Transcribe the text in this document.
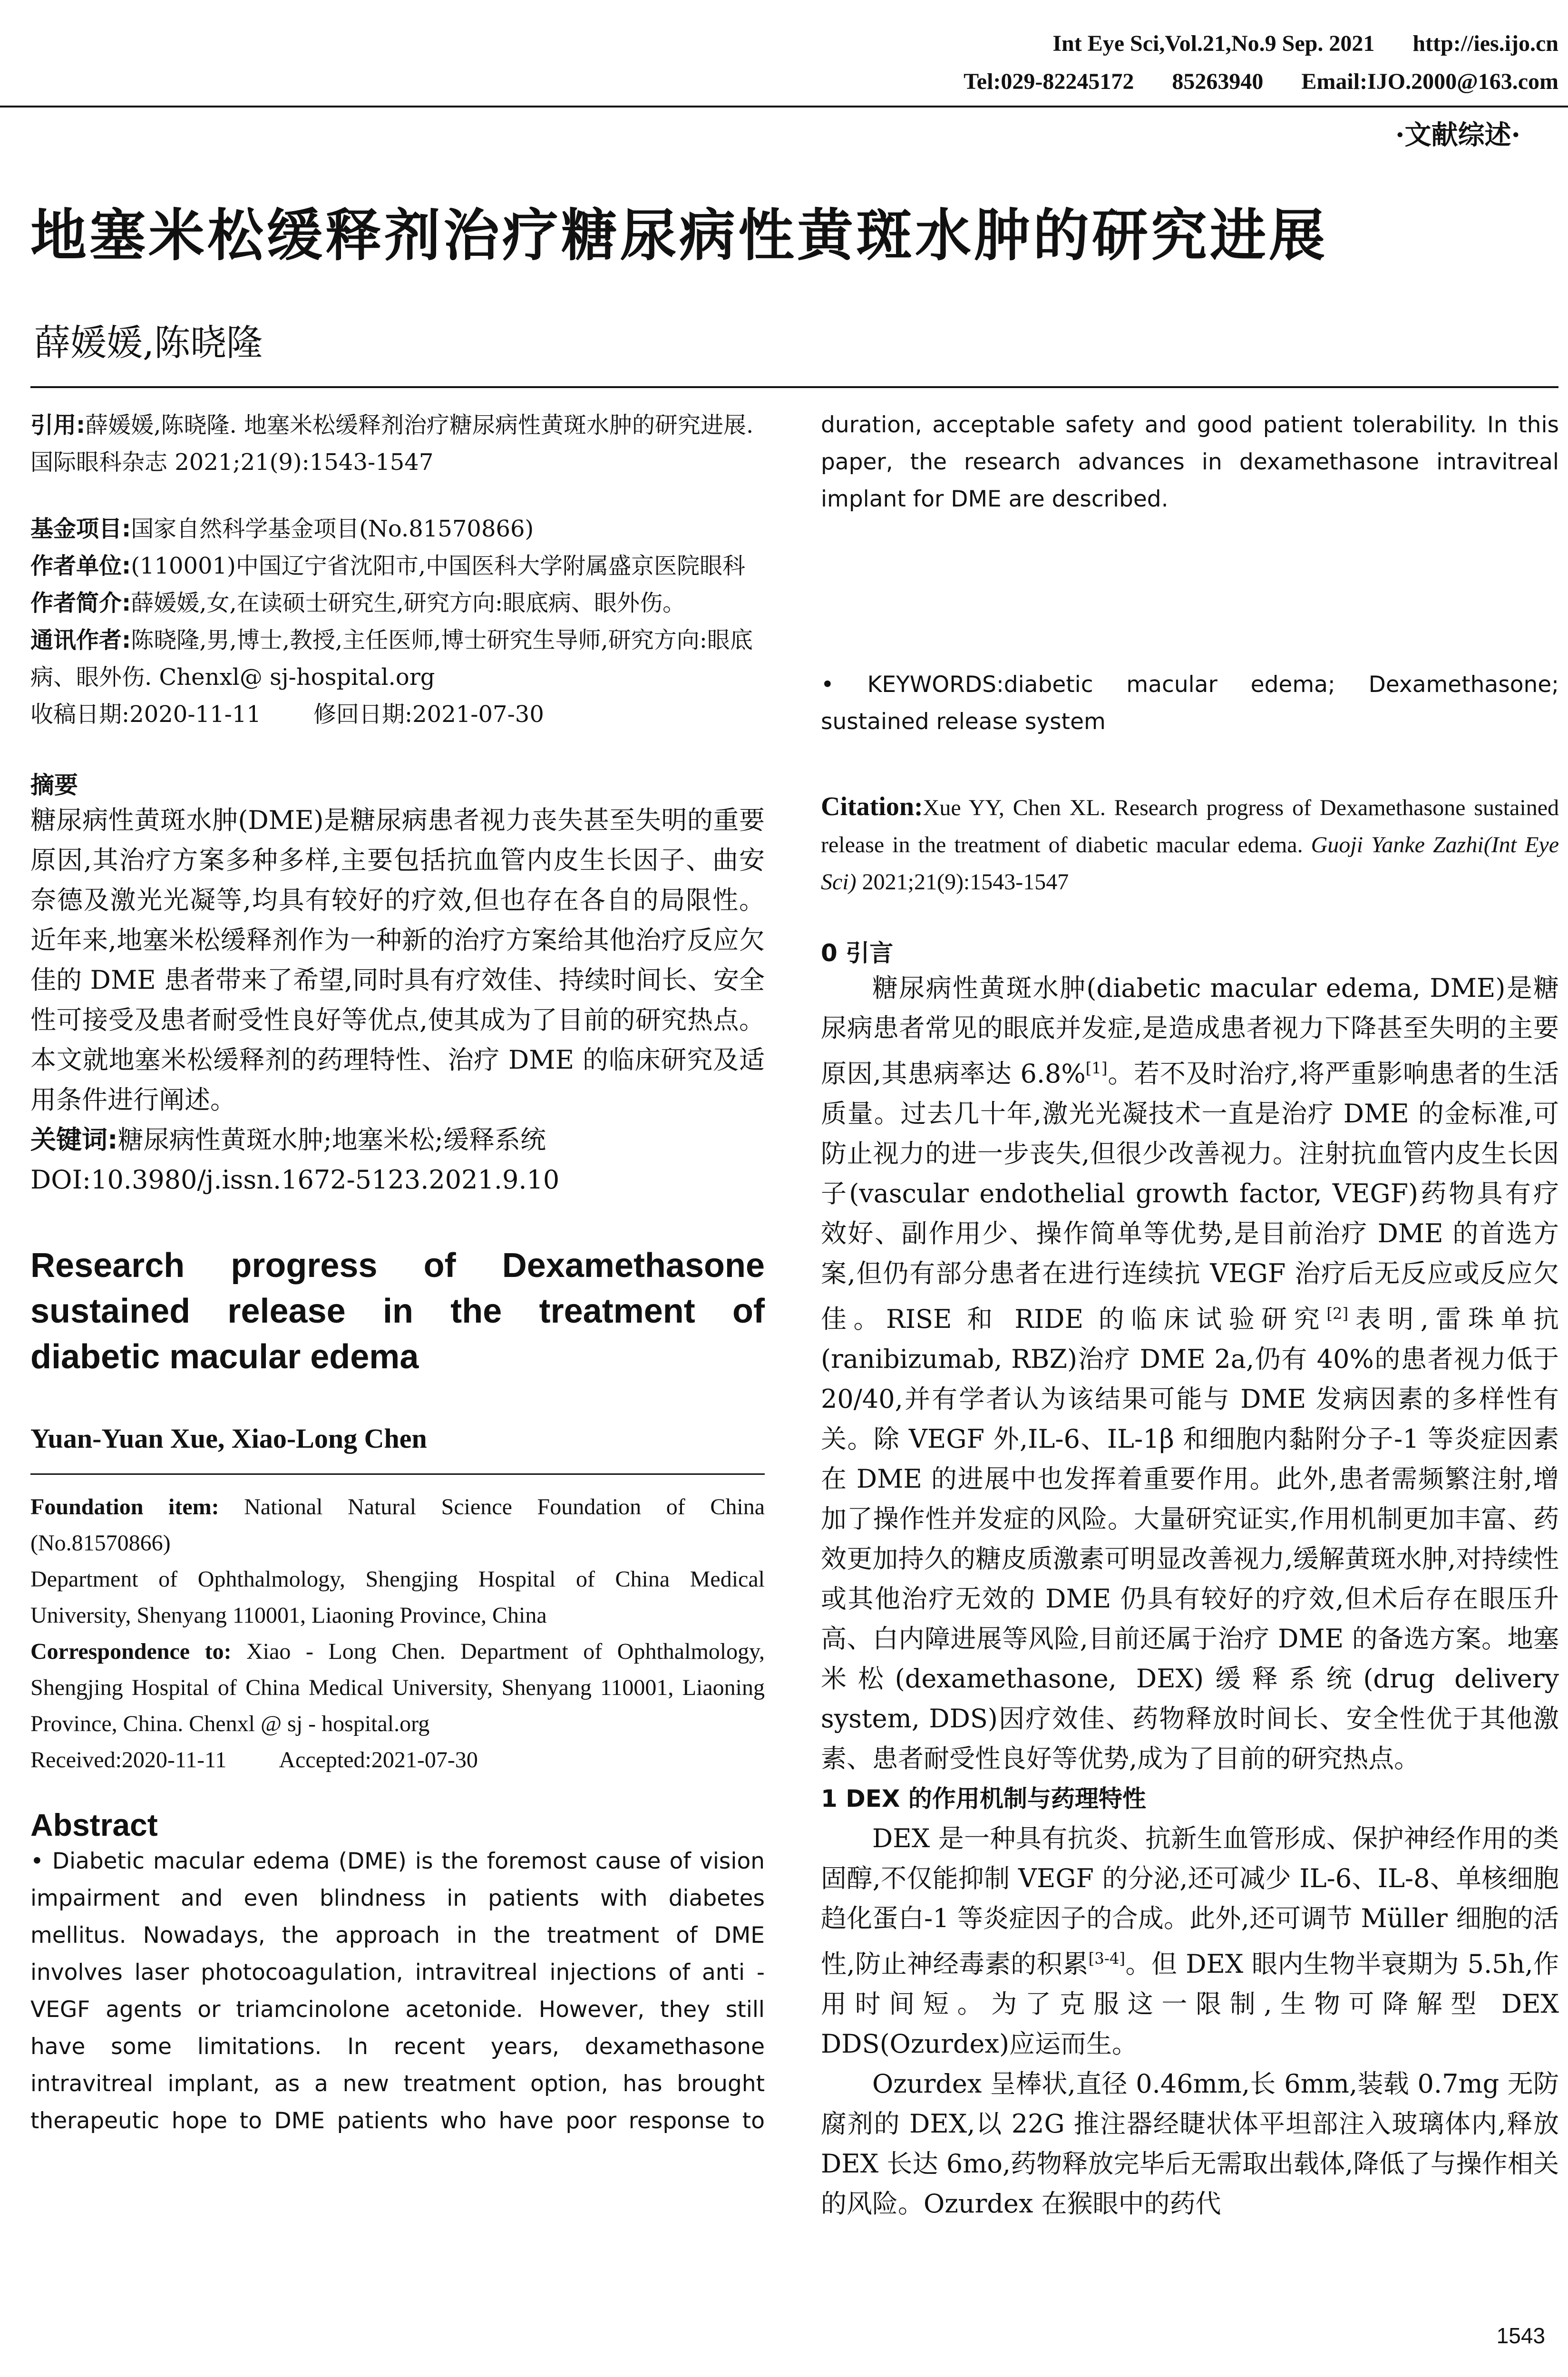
Int Eye Sci,Vol.21,No.9 Sep. 2021 http://ies.ijo.cn
Tel:029-82245172 85263940 Email:IJO.2000@163.com
·文献综述·
地塞米松缓释剂治疗糖尿病性黄斑水肿的研究进展
薛媛媛,陈晓隆

引用:薛媛媛,陈晓隆. 地塞米松缓释剂治疗糖尿病性黄斑水肿的研究进展. 国际眼科杂志 2021;21(9):1543-1547

基金项目:国家自然科学基金项目(No.81570866)

作者单位:(110001)中国辽宁省沈阳市,中国医科大学附属盛京医院眼科

作者简介:薛媛媛,女,在读硕士研究生,研究方向:眼底病、眼外伤。

通讯作者:陈晓隆,男,博士,教授,主任医师,博士研究生导师,研究方向:眼底病、眼外伤. Chenxl@ sj-hospital.org

收稿日期:2020-11-11 修回日期:2021-07-30

摘要

糖尿病性黄斑水肿(DME)是糖尿病患者视力丧失甚至失明的重要原因,其治疗方案多种多样,主要包括抗血管内皮生长因子、曲安奈德及激光光凝等,均具有较好的疗效,但也存在各自的局限性。近年来,地塞米松缓释剂作为一种新的治疗方案给其他治疗反应欠佳的 DME 患者带来了希望,同时具有疗效佳、持续时间长、安全性可接受及患者耐受性良好等优点,使其成为了目前的研究热点。本文就地塞米松缓释剂的药理特性、治疗 DME 的临床研究及适用条件进行阐述。

关键词:糖尿病性黄斑水肿;地塞米松;缓释系统

DOI:10.3980/j.issn.1672-5123.2021.9.10

Research progress of Dexamethasone sustained release in the treatment of diabetic macular edema

Yuan-Yuan Xue, Xiao-Long Chen

Foundation item: National Natural Science Foundation of China (No.81570866)

Department of Ophthalmology, Shengjing Hospital of China Medical University, Shenyang 110001, Liaoning Province, China

Correspondence to: Xiao - Long Chen. Department of Ophthalmology, Shengjing Hospital of China Medical University, Shenyang 110001, Liaoning Province, China. Chenxl @ sj - hospital.org

Received:2020-11-11 Accepted:2021-07-30

Abstract

• Diabetic macular edema (DME) is the foremost cause of vision impairment and even blindness in patients with diabetes mellitus. Nowadays, the approach in the treatment of DME involves laser photocoagulation, intravitreal injections of anti - VEGF agents or triamcinolone acetonide. However, they still have some limitations. In recent years, dexamethasone intravitreal implant, as a new treatment option, has brought therapeutic hope to DME patients who have poor response to

duration, acceptable safety and good patient tolerability. In this paper, the research advances in dexamethasone intravitreal implant for DME are described.

• KEYWORDS:diabetic macular edema; Dexamethasone; sustained release system

Citation:Xue YY, Chen XL. Research progress of Dexamethasone sustained release in the treatment of diabetic macular edema. Guoji Yanke Zazhi(Int Eye Sci) 2021;21(9):1543-1547

0 引言

糖尿病性黄斑水肿(diabetic macular edema, DME)是糖尿病患者常见的眼底并发症,是造成患者视力下降甚至失明的主要原因,其患病率达 6.8%[1]。若不及时治疗,将严重影响患者的生活质量。过去几十年,激光光凝技术一直是治疗 DME 的金标准,可防止视力的进一步丧失,但很少改善视力。注射抗血管内皮生长因子(vascular endothelial growth factor, VEGF)药物具有疗效好、副作用少、操作简单等优势,是目前治疗 DME 的首选方案,但仍有部分患者在进行连续抗 VEGF 治疗后无反应或反应欠佳。RISE 和 RIDE 的临床试验研究[2]表明,雷珠单抗(ranibizumab, RBZ)治疗 DME 2a,仍有 40%的患者视力低于 20/40,并有学者认为该结果可能与 DME 发病因素的多样性有关。除 VEGF 外,IL-6、IL-1β 和细胞内黏附分子-1 等炎症因素在 DME 的进展中也发挥着重要作用。此外,患者需频繁注射,增加了操作性并发症的风险。大量研究证实,作用机制更加丰富、药效更加持久的糖皮质激素可明显改善视力,缓解黄斑水肿,对持续性或其他治疗无效的 DME 仍具有较好的疗效,但术后存在眼压升高、白内障进展等风险,目前还属于治疗 DME 的备选方案。地塞米松(dexamethasone, DEX)缓释系统(drug delivery system, DDS)因疗效佳、药物释放时间长、安全性优于其他激素、患者耐受性良好等优势,成为了目前的研究热点。

1 DEX 的作用机制与药理特性

DEX 是一种具有抗炎、抗新生血管形成、保护神经作用的类固醇,不仅能抑制 VEGF 的分泌,还可减少 IL-6、IL-8、单核细胞趋化蛋白-1 等炎症因子的合成。此外,还可调节 Müller 细胞的活性,防止神经毒素的积累[3-4]。但 DEX 眼内生物半衰期为 5.5h,作用时间短。为了克服这一限制,生物可降解型 DEX DDS(Ozurdex)应运而生。

Ozurdex 呈棒状,直径 0.46mm,长 6mm,装载 0.7mg 无防腐剂的 DEX,以 22G 推注器经睫状体平坦部注入玻璃体内,释放 DEX 长达 6mo,药物释放完毕后无需取出载体,降低了与操作相关的风险。Ozurdex 在猴眼中的药代

1543
